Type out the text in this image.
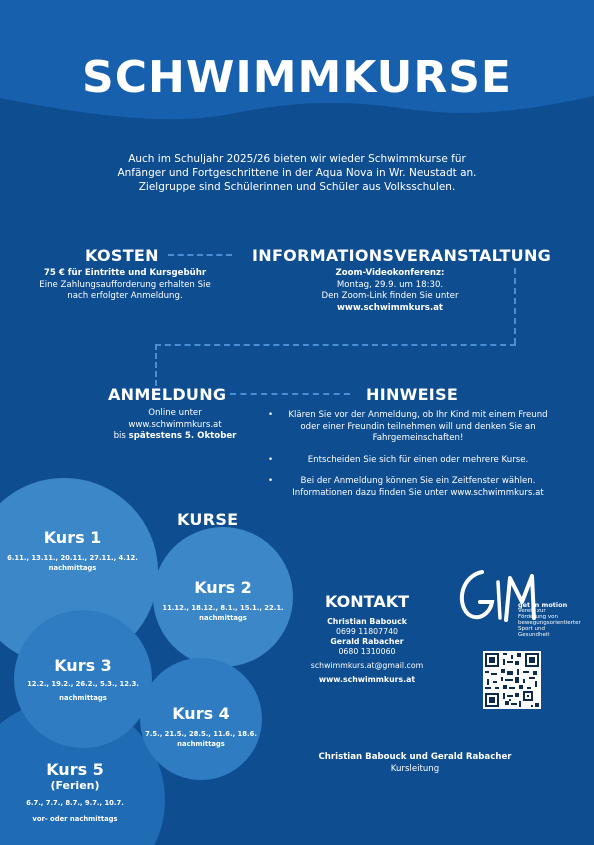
SCHWIMMKURSE
Auch im Schuljahr 2025/26 bieten wir wieder Schwimmkurse für Anfänger und Fortgeschrittene in der Aqua Nova in Wr. Neustadt an. Zielgruppe sind Schülerinnen und Schüler aus Volksschulen.
KOSTEN
75 € für Eintritte und Kursgebühr
Eine Zahlungsaufforderung erhalten Sie
nach erfolgter Anmeldung.
INFORMATIONSVERANSTALTUNG
Zoom-Videokonferenz:
Montag, 29.9. um 18:30.
Den Zoom-Link finden Sie unter
www.schwimmkurs.at
ANMELDUNG
Online unter
www.schwimmkurs.at
bis spätestens 5. Oktober
HINWEISE
• Klären Sie vor der Anmeldung, ob Ihr Kind mit einem Freund oder einer Freundin teilnehmen will und denken Sie an Fahrgemeinschaften!
•	Entscheiden Sie sich für einen oder mehrere Kurse.
•	Bei der Anmeldung können Sie ein Zeitfenster wählen. Informationen dazu finden Sie unter www.schwimmkurs.at
KURSE
Kurs 1
6.11., 13.11., 20.11., 27.11., 4.12.
nachmittags
Kurs 2
11.12., 18.12., 8.1., 15.1., 22.1.
nachmittags
Kurs 3
12.2., 19.2., 26.2., 5.3., 12.3.
nachmittags
Kurs 4
7.5., 21.5., 28.5., 11.6., 18.6.
nachmittags
Kurs 5
(Ferien)
6.7., 7.7., 8.7., 9.7., 10.7.
vor- oder nachmittags
KONTAKT
Christian Babouck
0699 11807740
Gerald Rabacher
0680 1310060
schwimmkurs.at@gmail.com
www.schwimmkurs.at
get in motion
Verein zur Förderung von
bewegungsorientierter
Sport und Gesundheit
Christian Babouck und Gerald Rabacher
Kursleitung
